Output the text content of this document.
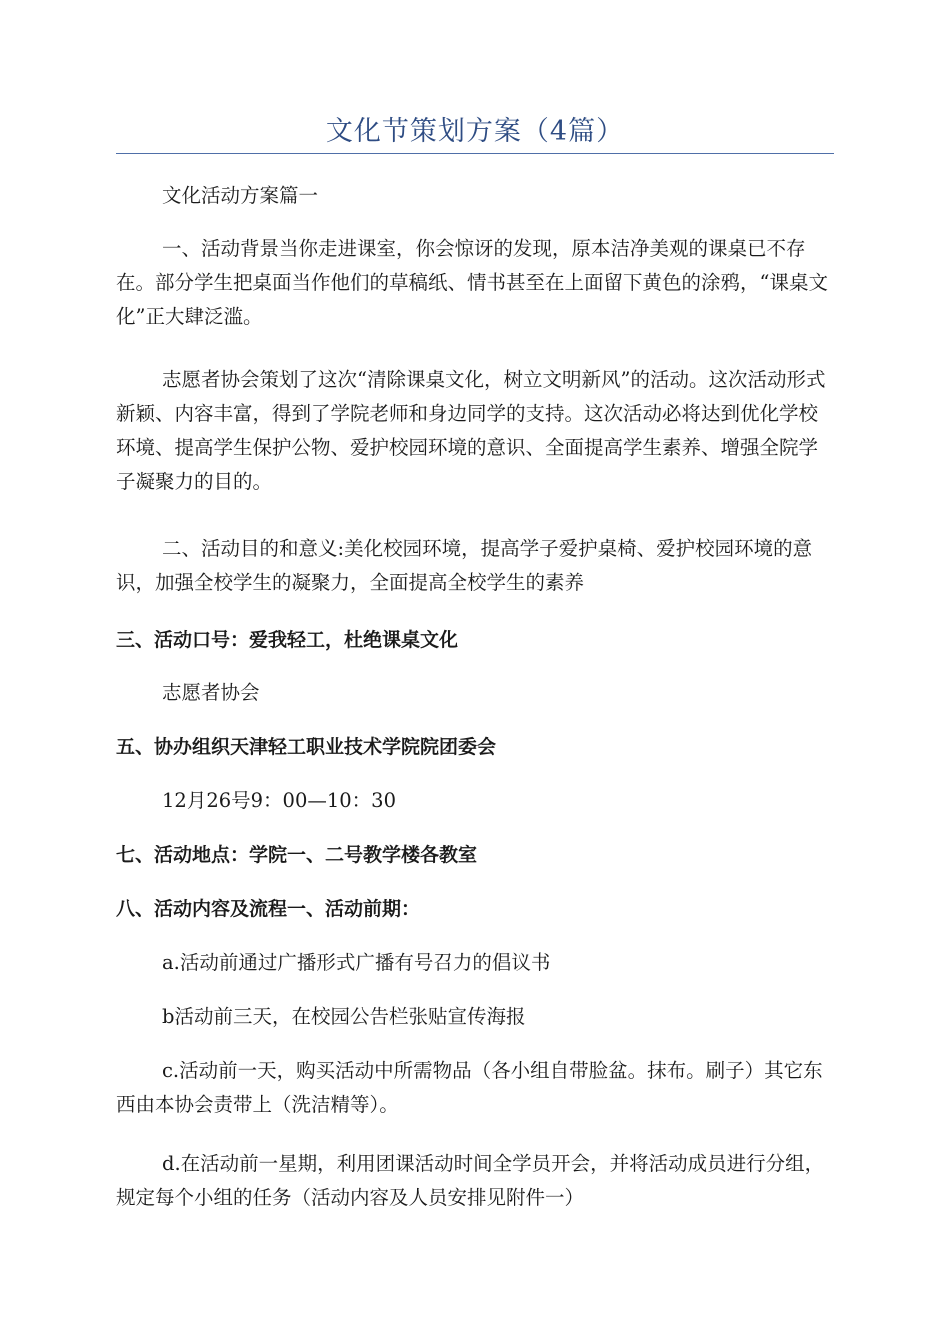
文化节策划方案（4篇）

文化活动方案篇一

一、活动背景当你走进课室，你会惊讶的发现，原本洁净美观的课桌已不存在。部分学生把桌面当作他们的草稿纸、情书甚至在上面留下黄色的涂鸦，“课桌文化”正大肆泛滥。

志愿者协会策划了这次“清除课桌文化，树立文明新风”的活动。这次活动形式新颖、内容丰富，得到了学院老师和身边同学的支持。这次活动必将达到优化学校环境、提高学生保护公物、爱护校园环境的意识、全面提高学生素养、增强全院学子凝聚力的目的。

二、活动目的和意义:美化校园环境，提高学子爱护桌椅、爱护校园环境的意识，加强全校学生的凝聚力，全面提高全校学生的素养

三、活动口号：爱我轻工，杜绝课桌文化

志愿者协会

五、协办组织天津轻工职业技术学院院团委会

12月26号9：00—10：30

七、活动地点：学院一、二号教学楼各教室

八、活动内容及流程一、活动前期：

a.活动前通过广播形式广播有号召力的倡议书

b活动前三天，在校园公告栏张贴宣传海报

c.活动前一天，购买活动中所需物品（各小组自带脸盆。抹布。刷子）其它东西由本协会责带上（洗洁精等）。

d.在活动前一星期，利用团课活动时间全学员开会，并将活动成员进行分组，规定每个小组的任务（活动内容及人员安排见附件一）
